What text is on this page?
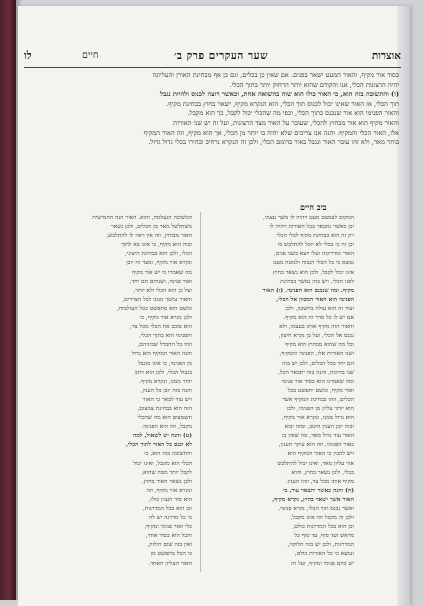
לו	חיים	שער העקרים פרק ב׳	אוצרות
בסוד אור מקיף, והאור המעט ישאר בפנים. אם שאין כן בכלים, וגם כן אף מבחינת האורן והעליונה
יהיה הרצונות הכלי, אנו והקודם שהוא יותר הרחוק יותר בתוך הכלי.
(ו) והתשובה בזה הוא, כי האור כולו הוא שוה בהשואה אחת, וכאשר רוצה לכנוס ולהיות נגבל
תוך הכלי, אז האור שאינו יכול לכנוס תוך הכלי, הוא הנקרא מקיף, ישאר בחוץ בבחינת מקיף.
והאור הפנימי הוא אור שנכנס בתוך הכלי, וכפי מה שהכלי יכול לקבל, כך הוא מקבל.
והאור מקיף הוא אור מבחוץ להכלי, שעובר על האור מצד הרצונות, ועל זה יש שני האורות
אלו, האור הכלי והמקיף. והנה אנו צריכים שלא יהיה בו יותר מן הכלי, אך הוא מקיף, וזה האור המקיף
בוחר מאד, ולא זהו עובר האור ונגבל באור בדומם הכלי, ולכן זה הנקרא נרחיב ובהירו בכלי גדול גדול.
ביב חיים
המקום לצמצם מעט ויהיה לו משך עצמי,
וכן כאשר נתבאר בכל האורות ויהיה לו
רק זה הוא בבחינת מקיף לכלי הכלי
וכן זה כי בכלי לא יוכל להתלבש בו
האור ומדריגתו ועלי יוצא בשני פנים,
נמצא כי כל הכלי הגבוה ולמטה מעט
אינו יכול לקבל, ולכן הוא נשאר בחוץ
לפני הכלי, ויש בזה נמשך בבחינת
מקיף. ומה שנכנס הוא הפנימי. (ז) האור
הפנימי הוא האור המכוון אל הכלי,
ועוד זה הוא עולה בחשבון, ולכן
אם יש לו כל סדר זה הוא מקיף.
והאור הזה מקיף אותו בעצמו, ולא
נכנס אל הכלי, ועל כן נקרא חיצון,
וכל מה שהוא מבחוץ הוא מקיף
ושני האורות אלו, הפנימי והמקיף,
הם יחד בכל הכלים, ולכן יש בזה
שני בחינות, והנה בזה יתבאר הכל,
ומה שאמרנו הוא בסוד אור פנימי
ואור מקיף, ומשם יתפשט בכל
הכלים, וזהו בבחינת המקיף אשר
הוא יותר עליון מן הפנימי, ולכן
הוא גדול ממנו, ונקרא אור מקיף,
ובזה יובן הענין היטב, ומזה יבוא
האור עוד גדול מאד, מה שאין כן
באור הפנימי, וזה הוא עיקר הענין,
ויש להבין כי האור המקיף הוא
אור עליון מאד, ואינו יכול להתלבש
בכלי, ולכן נשאר בחוץ, והוא
מקיף אותו מכל צד, וזהו הענין.
(ח) והנה כאשר יתבאר עוד, כי
האור אשר ישאר בחוץ, נקרא מקיף,
ואשר נכנס תוך הכלי, נקרא פנימי,
ולכן זה מקבל וזה אינו מקבל,
וכן הוא בכל המדרגות כולם,
מראש ועד סוף, עד סוף כל
המדרגות, ולכן יש בזה חלוקה,
ונמצא כי כל האורות כולם,
יש בהם פנימי ומקיף, ועל זה
המשוכה הנעלמה, והוא. האור הנה החמישית
משתלשל מאד מן הכלים, ולכן נשאר
האור מבחוץ, וזה אין ראוי לו להתלבש,
ובזה הוא מקיף, כי אינו בא לתוך
הכלי, ולכן הוא בבחינת חיצוני,
ונקרא אור מקיף, ומצד זה יובן
מה שאמרו כי יש אור מקיף
ואור פנימי, ושניהם הם יחד,
ועל כן הוא הכלי ולא יותר,
והאור נמשך ממנו לכל הצדדים,
ומשם הוא מתפשט בכל העולמות,
ולכן נקרא אור מקיף, כי
הוא סובב את הכלי מכל צד,
והפנימי הוא בתוך הכלי,
וזהו כל ההבדל שביניהם,
והנה האור המקיף הוא גדול
מן הפנימי, כי אינו מוגבל
בגבול הכלי, ולכן הוא רחב
יותר ממנו, ונקרא מקיף.
והנה בזה יובן כל הענין,
ויש עוד לבאר כי האור
הזה הוא בבחינת צמצום,
והצמצום הוא מה שהכלי
מקבל, וזה הוא הפנימי.
(ט) והנה יש לשאול, למה
לא יכנס כל האור לתוך הכלי,
והתשובה בזה הוא, כי
הכלי הוא מוגבל, ואינו יכול
לקבל יותר ממה שהוא,
ולכן נשאר האור בחוץ,
ונקרא אור מקיף, וזה
הוא סוד הענין כולו,
וכן הוא בכל המדרגות,
כי כל מדרגה יש לה
כלי ואור פנימי ומקיף,
והכל הוא בסוד אחד,
ואין בזה שום חילוק,
כי הכל מתפשט מן
האור העליון האחד.
